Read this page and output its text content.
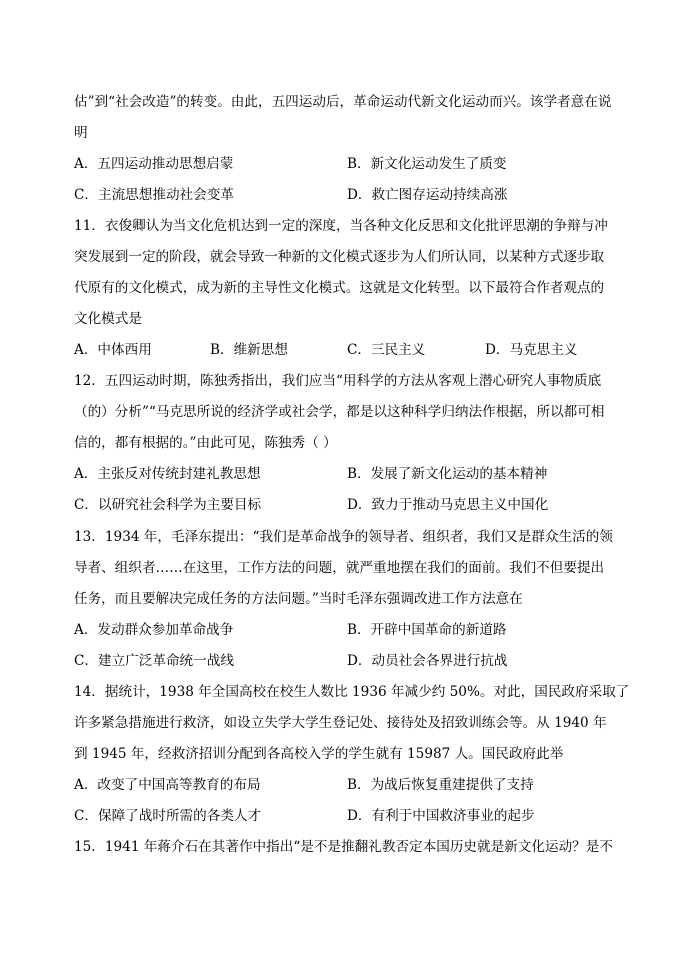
估”到“社会改造”的转变。由此，五四运动后，革命运动代新文化运动而兴。该学者意在说
明
A．五四运动推动思想启蒙	B．新文化运动发生了质变
C．主流思想推动社会变革	D．救亡图存运动持续高涨
11．衣俊卿认为当文化危机达到一定的深度，当各种文化反思和文化批评思潮的争辩与冲
突发展到一定的阶段，就会导致一种新的文化模式逐步为人们所认同，以某种方式逐步取
代原有的文化模式，成为新的主导性文化模式。这就是文化转型。以下最符合作者观点的
文化模式是
A．中体西用	B．维新思想	C．三民主义	D．马克思主义
12．五四运动时期，陈独秀指出，我们应当“用科学的方法从客观上潜心研究人事物质底
（的）分析”“马克思所说的经济学或社会学，都是以这种科学归纳法作根据，所以都可相
信的，都有根据的。”由此可见，陈独秀（ ）
A．主张反对传统封建礼教思想	B．发展了新文化运动的基本精神
C．以研究社会科学为主要目标	D．致力于推动马克思主义中国化
13．1934 年，毛泽东提出：“我们是革命战争的领导者、组织者，我们又是群众生活的领
导者、组织者……在这里，工作方法的问题，就严重地摆在我们的面前。我们不但要提出
任务，而且要解决完成任务的方法问题。”当时毛泽东强调改进工作方法意在
A．发动群众参加革命战争	B．开辟中国革命的新道路
C．建立广泛革命统一战线	D．动员社会各界进行抗战
14．据统计，1938 年全国高校在校生人数比 1936 年减少约 50%。对此，国民政府采取了
许多紧急措施进行救济，如设立失学大学生登记处、接待处及招致训练会等。从 1940 年
到 1945 年，经救济招训分配到各高校入学的学生就有 15987 人。国民政府此举
A．改变了中国高等教育的布局	B．为战后恢复重建提供了支持
C．保障了战时所需的各类人才	D．有利于中国救济事业的起步
15．1941 年蒋介石在其著作中指出“是不是推翻礼教否定本国历史就是新文化运动？是不
